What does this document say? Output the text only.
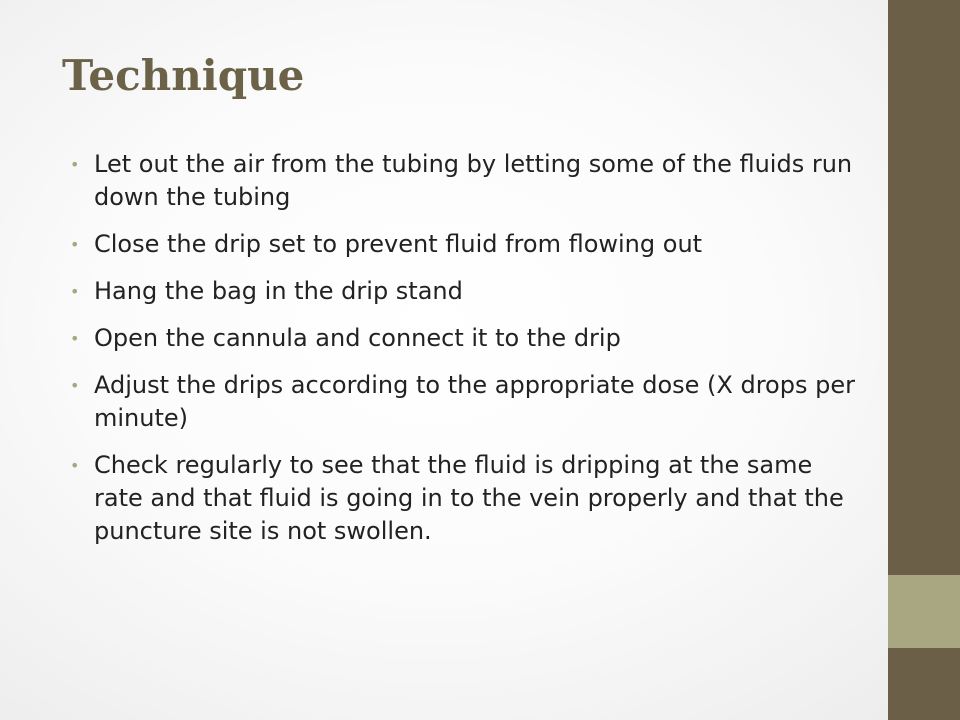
Technique
• Let out the air from the tubing by letting some of the fluids run down the tubing
• Close the drip set to prevent fluid from flowing out
• Hang the bag in the drip stand
• Open the cannula and connect it to the drip
• Adjust the drips according to the appropriate dose (X drops per minute)
• Check regularly to see that the fluid is dripping at the same rate and that fluid is going in to the vein properly and that the puncture site is not swollen.
